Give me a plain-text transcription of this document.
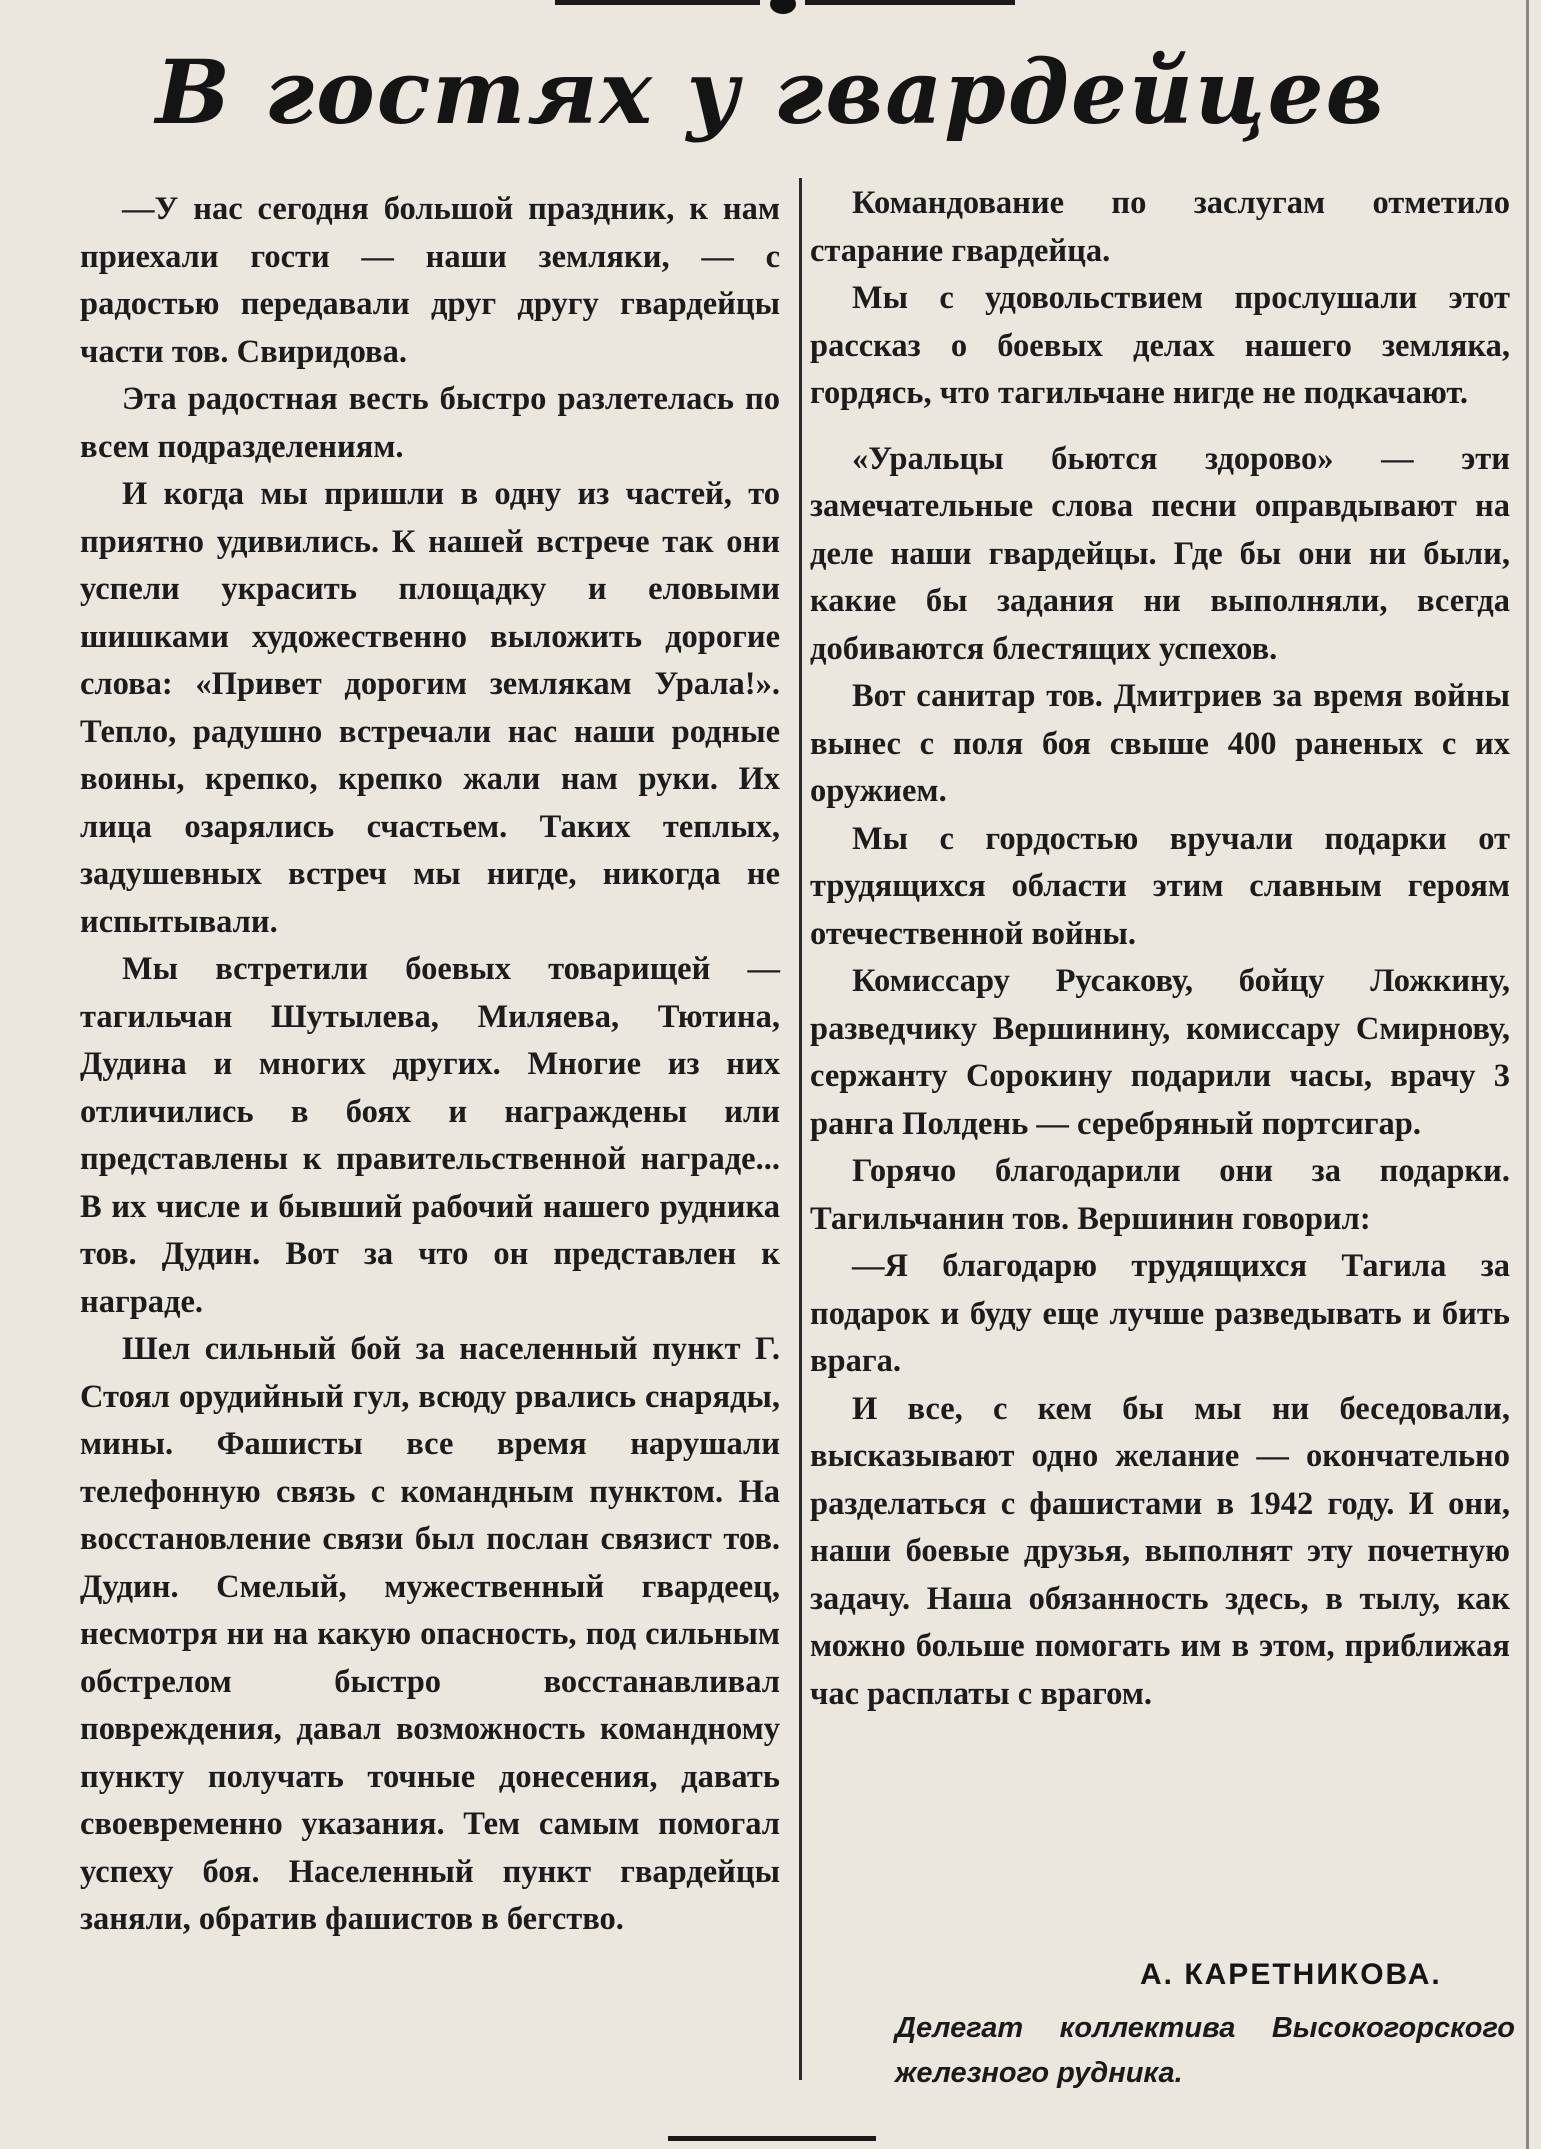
В гостях у гвардейцев

—У нас сегодня большой праздник, к нам приехали гости — наши земляки, — с радостью передавали друг другу гвардейцы части тов. Свиридова.

Эта радостная весть быстро разлетелась по всем подразделениям.

И когда мы пришли в одну из частей, то приятно удивились. К нашей встрече так они успели украсить площадку и еловыми шишками художественно выложить дорогие слова: «Привет дорогим землякам Урала!». Тепло, радушно встречали нас наши родные воины, крепко, крепко жали нам руки. Их лица озарялись счастьем. Таких теплых, задушевных встреч мы нигде, никогда не испытывали.

Мы встретили боевых товарищей — тагильчан Шутылева, Миляева, Тютина, Дудина и многих других. Многие из них отличились в боях и награждены или представлены к правительственной награде... В их числе и бывший рабочий нашего рудника тов. Дудин. Вот за что он представлен к награде.

Шел сильный бой за населенный пункт Г. Стоял орудийный гул, всюду рвались снаряды, мины. Фашисты все время нарушали телефонную связь с командным пунктом. На восстановление связи был послан связист тов. Дудин. Смелый, мужественный гвардеец, несмотря ни на какую опасность, под сильным обстрелом быстро восстанавливал повреждения, давал возможность командному пункту получать точные донесения, давать своевременно указания. Тем самым помогал успеху боя. Населенный пункт гвардейцы заняли, обратив фашистов в бегство.

Командование по заслугам отметило старание гвардейца.

Мы с удовольствием прослушали этот рассказ о боевых делах нашего земляка, гордясь, что тагильчане нигде не подкачают.

«Уральцы бьются здорово» — эти замечательные слова песни оправдывают на деле наши гвардейцы. Где бы они ни были, какие бы задания ни выполняли, всегда добиваются блестящих успехов.

Вот санитар тов. Дмитриев за время войны вынес с поля боя свыше 400 раненых с их оружием.

Мы с гордостью вручали подарки от трудящихся области этим славным героям отечественной войны.

Комиссару Русакову, бойцу Ложкину, разведчику Вершинину, комиссару Смирнову, сержанту Сорокину подарили часы, врачу 3 ранга Полдень — серебряный портсигар.

Горячо благодарили они за подарки. Тагильчанин тов. Вершинин говорил:

—Я благодарю трудящихся Тагила за подарок и буду еще лучше разведывать и бить врага.

И все, с кем бы мы ни беседовали, высказывают одно желание — окончательно разделаться с фашистами в 1942 году. И они, наши боевые друзья, выполнят эту почетную задачу. Наша обязанность здесь, в тылу, как можно больше помогать им в этом, приближая час расплаты с врагом.

А. КАРЕТНИКОВА.
Делегат коллектива Высокогорского железного рудника.
